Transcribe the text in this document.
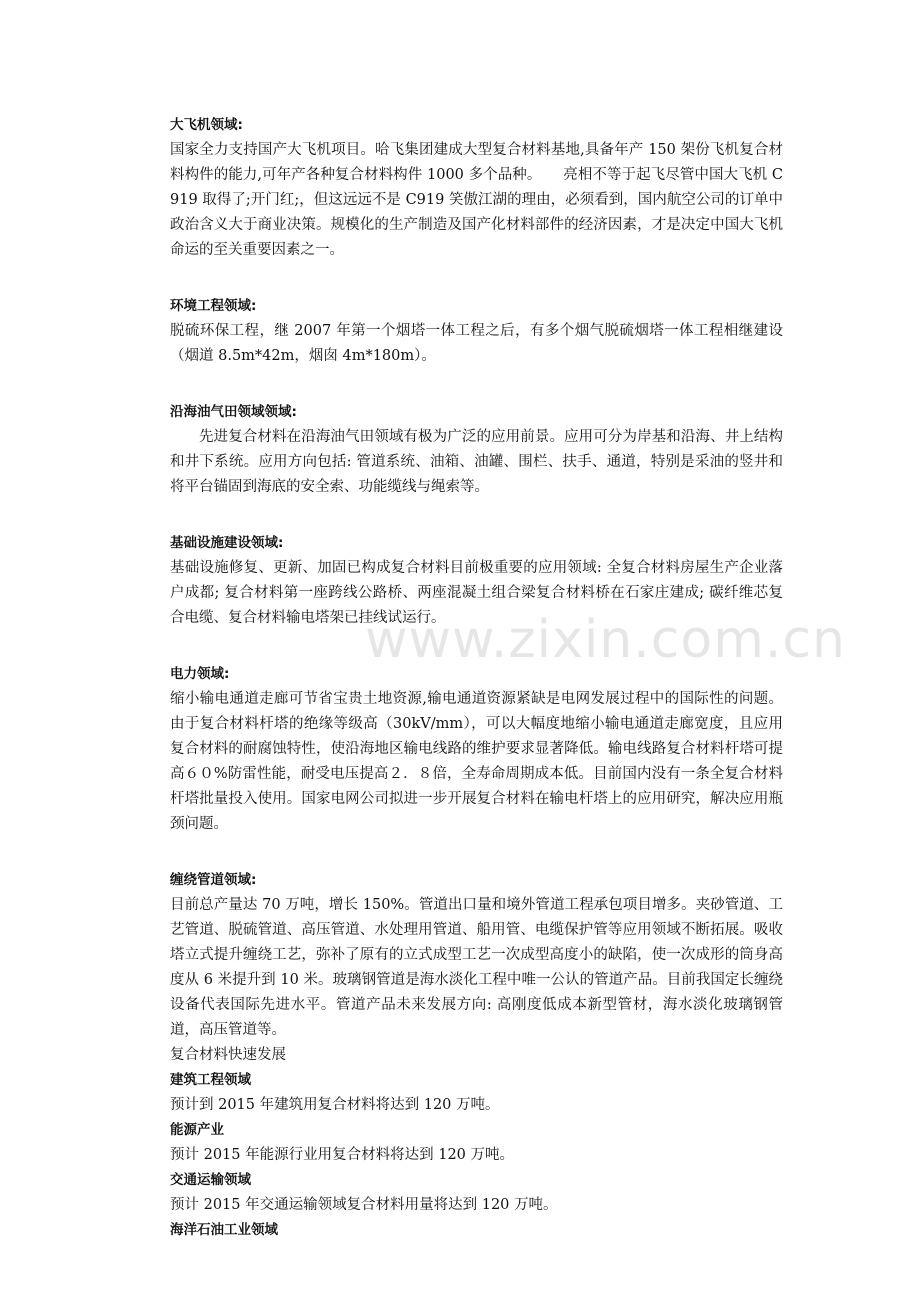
www.zixin.com.cn
大飞机领域:
国家全力支持国产大飞机项目。哈飞集团建成大型复合材料基地,具备年产 150 架份飞机复合材料构件的能力,可年产各种复合材料构件 1000 多个品种。　　亮相不等于起飞尽管中国大飞机 C919 取得了;开门红;，但这远远不是 C919 笑傲江湖的理由，必须看到，国内航空公司的订单中政治含义大于商业决策。规模化的生产制造及国产化材料部件的经济因素，才是决定中国大飞机命运的至关重要因素之一。
环境工程领域:
脱硫环保工程，继 2007 年第一个烟塔一体工程之后，有多个烟气脱硫烟塔一体工程相继建设（烟道 8.5m*42m，烟囱 4m*180m）。
沿海油气田领域领域:
先进复合材料在沿海油气田领域有极为广泛的应用前景。应用可分为岸基和沿海、井上结构和井下系统。应用方向包括: 管道系统、油箱、油罐、围栏、扶手、通道，特别是采油的竖井和将平台锚固到海底的安全索、功能缆线与绳索等。
基础设施建设领域:
基础设施修复、更新、加固已构成复合材料目前极重要的应用领域: 全复合材料房屋生产企业落户成都; 复合材料第一座跨线公路桥、两座混凝土组合梁复合材料桥在石家庄建成; 碳纤维芯复合电缆、复合材料输电塔架已挂线试运行。
电力领域:
缩小输电通道走廊可节省宝贵土地资源,输电通道资源紧缺是电网发展过程中的国际性的问题。由于复合材料杆塔的绝缘等级高（30kV/mm），可以大幅度地缩小输电通道走廊宽度，且应用复合材料的耐腐蚀特性，使沿海地区输电线路的维护要求显著降低。输电线路复合材料杆塔可提高６０%防雷性能，耐受电压提高２．８倍，全寿命周期成本低。目前国内没有一条全复合材料杆塔批量投入使用。国家电网公司拟进一步开展复合材料在输电杆塔上的应用研究，解决应用瓶颈问题。
缠绕管道领域:
目前总产量达 70 万吨，增长 150%。管道出口量和境外管道工程承包项目增多。夹砂管道、工艺管道、脱硫管道、高压管道、水处理用管道、船用管、电缆保护管等应用领域不断拓展。吸收塔立式提升缠绕工艺，弥补了原有的立式成型工艺一次成型高度小的缺陷，使一次成形的筒身高度从 6 米提升到 10 米。玻璃钢管道是海水淡化工程中唯一公认的管道产品。目前我国定长缠绕设备代表国际先进水平。管道产品未来发展方向: 高刚度低成本新型管材，海水淡化玻璃钢管道，高压管道等。
复合材料快速发展
建筑工程领域
预计到 2015 年建筑用复合材料将达到 120 万吨。
能源产业
预计 2015 年能源行业用复合材料将达到 120 万吨。
交通运输领域
预计 2015 年交通运输领域复合材料用量将达到 120 万吨。
海洋石油工业领域
